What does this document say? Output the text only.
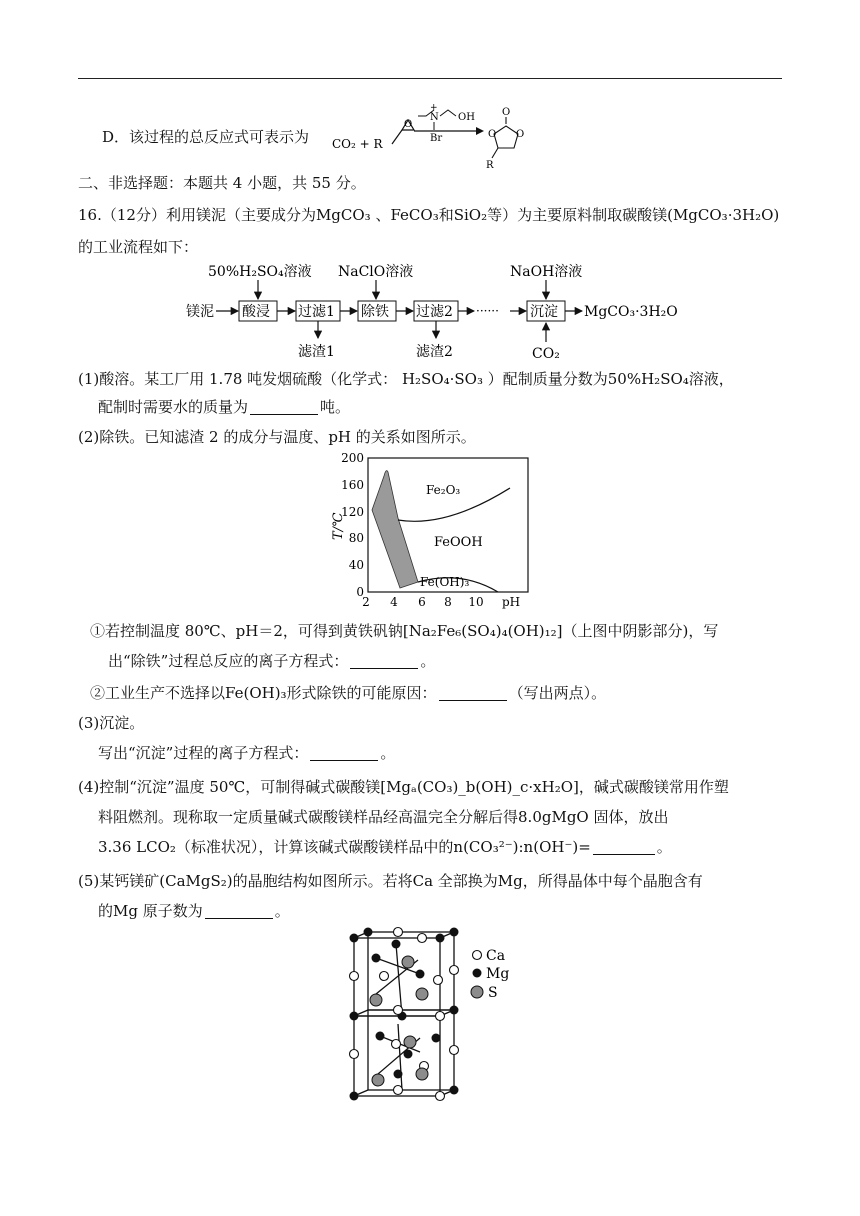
D．该过程的总反应式可表示为	CO₂ + R
O
+
N OH
Br
O
O O
R
二、非选择题：本题共 4 小题，共 55 分。
16.（12分）利用镁泥（主要成分为MgCO₃ 、FeCO₃和SiO₂等）为主要原料制取碳酸镁(MgCO₃·3H₂O)
的工业流程如下：
50%H₂SO₄溶液 NaClO溶液	NaOH溶液
镁泥 酸浸 过滤1 除铁 过滤2 ······ 沉淀 MgCO₃·3H₂O
滤渣1	滤渣2	CO₂
(1)酸溶。某工厂用 1.78 吨发烟硫酸（化学式： H₂SO₄·SO₃ ）配制质量分数为50%H₂SO₄溶液，
配制时需要水的质量为	吨。
(2)除铁。已知滤渣 2 的成分与温度、pH 的关系如图所示。
T/℃
200
160
120
80
40
0
2 4 6 8 10 pH
Fe₂O₃
FeOOH
Fe(OH)₃
①若控制温度 80℃、pH＝2，可得到黄铁矾钠[Na₂Fe₆(SO₄)₄(OH)₁₂]（上图中阴影部分)，写
出“除铁”过程总反应的离子方程式：	。
②工业生产不选择以Fe(OH)₃形式除铁的可能原因：	（写出两点）。
(3)沉淀。
写出“沉淀”过程的离子方程式：	。
(4)控制“沉淀”温度 50℃，可制得碱式碳酸镁[Mgₐ(CO₃)_b(OH)_c·xH₂O]，碱式碳酸镁常用作塑
料阻燃剂。现称取一定质量碱式碳酸镁样品经高温完全分解后得8.0gMgO 固体，放出
3.36 LCO₂（标准状况），计算该碱式碳酸镁样品中的n(CO₃²⁻):n(OH⁻)=	。
(5)某钙镁矿(CaMgS₂)的晶胞结构如图所示。若将Ca 全部换为Mg，所得晶体中每个晶胞含有
的Mg 原子数为	。
Ca
Mg
S
